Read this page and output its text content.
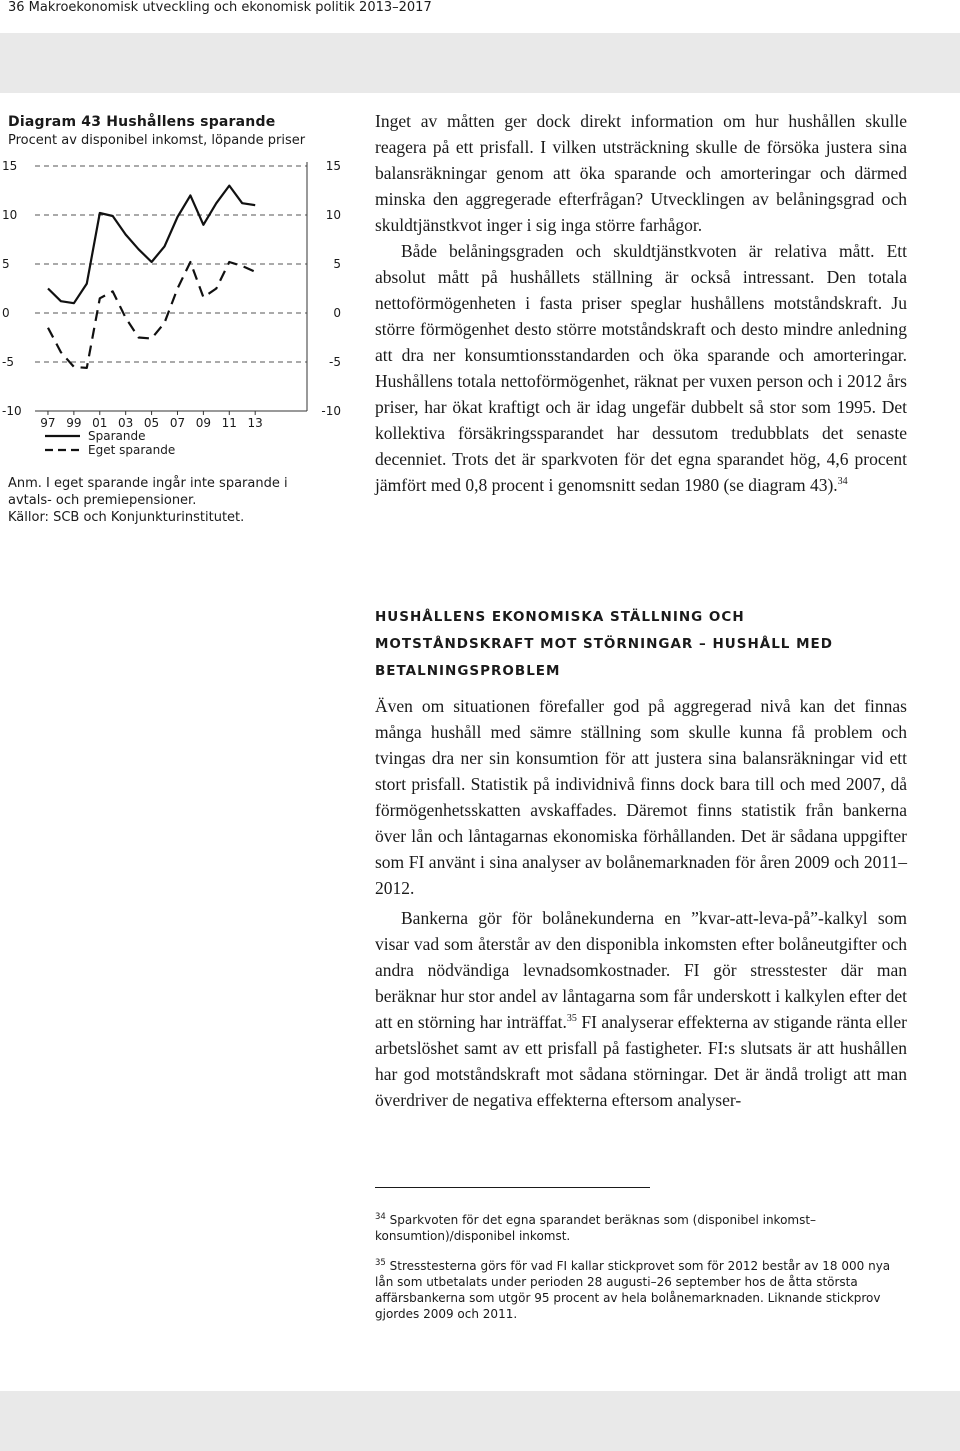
36 Makroekonomisk utveckling och ekonomisk politik 2013–2017

Diagram 43 Hushållens sparande

Procent av disponibel inkomst, löpande priser

15	15
10	10
5	5
0	0
-5	-5
-10	-10
97 99 01 03 05 07 09 11 13
Sparande
Eget sparande

Anm. I eget sparande ingår inte sparande i avtals- och premiepensioner.

Källor: SCB och Konjunkturinstitutet.

Inget av måtten ger dock direkt information om hur hushållen skulle reagera på ett prisfall. I vilken utsträckning skulle de försöka justera sina balansräkningar genom att öka sparande och amorteringar och därmed minska den aggregerade efterfrågan? Utvecklingen av belåningsgrad och skuldtjänstkvot inger i sig inga större farhågor.

Både belåningsgraden och skuldtjänstkvoten är relativa mått. Ett absolut mått på hushållets ställning är också intressant. Den totala nettoförmögenheten i fasta priser speglar hushållens motståndskraft. Ju större förmögenhet desto större motståndskraft och desto mindre anledning att dra ner konsumtionsstandarden och öka sparande och amorteringar. Hushållens totala nettoförmögenhet, räknat per vuxen person och i 2012 års priser, har ökat kraftigt och är idag ungefär dubbelt så stor som 1995. Det kollektiva försäkringssparandet har dessutom tredubblats det senaste decenniet. Trots det är sparkvoten för det egna sparandet hög, 4,6 procent jämfört med 0,8 procent i genomsnitt sedan 1980 (se diagram 43).$^{34}$

HUSHÅLLENS EKONOMISKA STÄLLNING OCH MOTSTÅNDSKRAFT MOT STÖRNINGAR – HUSHÅLL MED BETALNINGSPROBLEM

Även om situationen förefaller god på aggregerad nivå kan det finnas många hushåll med sämre ställning som skulle kunna få problem och tvingas dra ner sin konsumtion för att justera sina balansräkningar vid ett stort prisfall. Statistik på individnivå finns dock bara till och med 2007, då förmögenhetsskatten avskaffades. Däremot finns statistik från bankerna över lån och låntagarnas ekonomiska förhållanden. Det är sådana uppgifter som FI använt i sina analyser av bolånemarknaden för åren 2009 och 2011–2012.

Bankerna gör för bolånekunderna en ”kvar-att-leva-på”-kalkyl som visar vad som återstår av den disponibla inkomsten efter bolåneutgifter och andra nödvändiga levnadsomkostnader. FI gör stresstester där man beräknar hur stor andel av låntagarna som får underskott i kalkylen efter det att en störning har inträffat.$^{35}$ FI analyserar effekterna av stigande ränta eller arbetslöshet samt av ett prisfall på fastigheter. FI:s slutsats är att hushållen har god motståndskraft mot sådana störningar. Det är ändå troligt att man överdriver de negativa effekterna eftersom analyser-

$^{34}$ Sparkvoten för det egna sparandet beräknas som (disponibel inkomst–konsumtion)/disponibel inkomst.

$^{35}$ Stresstesterna görs för vad FI kallar stickprovet som för 2012 består av 18 000 nya lån som utbetalats under perioden 28 augusti–26 september hos de åtta största affärsbankerna som utgör 95 procent av hela bolånemarknaden. Liknande stickprov gjordes 2009 och 2011.
